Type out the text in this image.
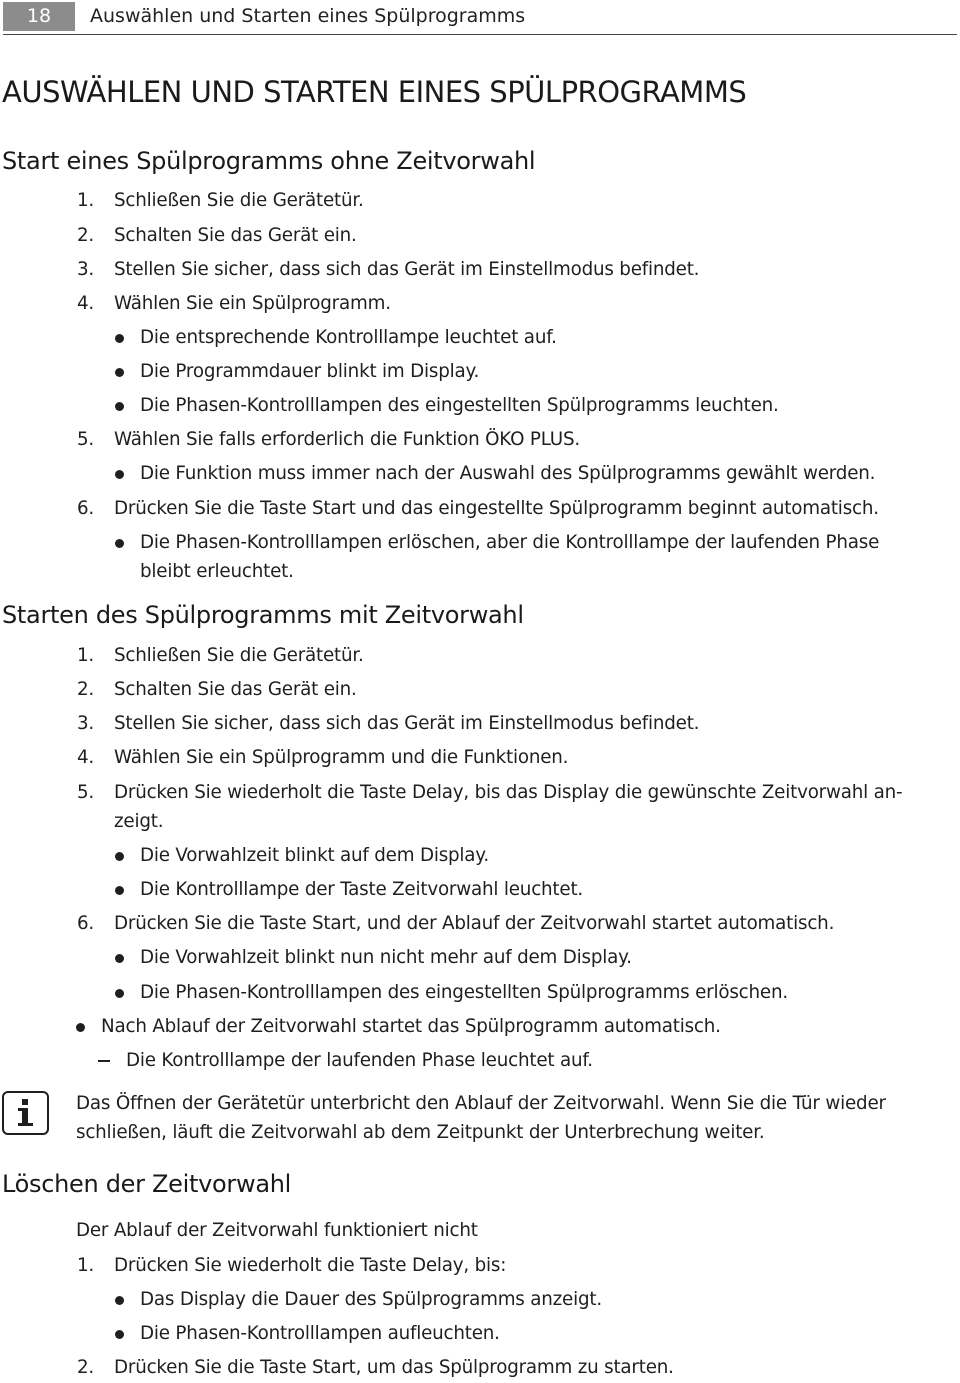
18	Auswählen und Starten eines Spülprogramms
AUSWÄHLEN UND STARTEN EINES SPÜLPROGRAMMS
Start eines Spülprogramms ohne Zeitvorwahl
1. Schließen Sie die Gerätetür.
2. Schalten Sie das Gerät ein.
3. Stellen Sie sicher, dass sich das Gerät im Einstellmodus befindet.
4. Wählen Sie ein Spülprogramm.
Die entsprechende Kontrolllampe leuchtet auf.
Die Programmdauer blinkt im Display.
Die Phasen-Kontrolllampen des eingestellten Spülprogramms leuchten.
5. Wählen Sie falls erforderlich die Funktion ÖKO PLUS.
Die Funktion muss immer nach der Auswahl des Spülprogramms gewählt werden.
6. Drücken Sie die Taste Start und das eingestellte Spülprogramm beginnt automatisch.
Die Phasen-Kontrolllampen erlöschen, aber die Kontrolllampe der laufenden Phase
bleibt erleuchtet.
Starten des Spülprogramms mit Zeitvorwahl
1. Schließen Sie die Gerätetür.
2. Schalten Sie das Gerät ein.
3. Stellen Sie sicher, dass sich das Gerät im Einstellmodus befindet.
4. Wählen Sie ein Spülprogramm und die Funktionen.
5. Drücken Sie wiederholt die Taste Delay, bis das Display die gewünschte Zeitvorwahl an-
zeigt.
Die Vorwahlzeit blinkt auf dem Display.
Die Kontrolllampe der Taste Zeitvorwahl leuchtet.
6. Drücken Sie die Taste Start, und der Ablauf der Zeitvorwahl startet automatisch.
Die Vorwahlzeit blinkt nun nicht mehr auf dem Display.
Die Phasen-Kontrolllampen des eingestellten Spülprogramms erlöschen.
Nach Ablauf der Zeitvorwahl startet das Spülprogramm automatisch.
Die Kontrolllampe der laufenden Phase leuchtet auf.
Das Öffnen der Gerätetür unterbricht den Ablauf der Zeitvorwahl. Wenn Sie die Tür wieder
schließen, läuft die Zeitvorwahl ab dem Zeitpunkt der Unterbrechung weiter.
Löschen der Zeitvorwahl
Der Ablauf der Zeitvorwahl funktioniert nicht
1. Drücken Sie wiederholt die Taste Delay, bis:
Das Display die Dauer des Spülprogramms anzeigt.
Die Phasen-Kontrolllampen aufleuchten.
2. Drücken Sie die Taste Start, um das Spülprogramm zu starten.
